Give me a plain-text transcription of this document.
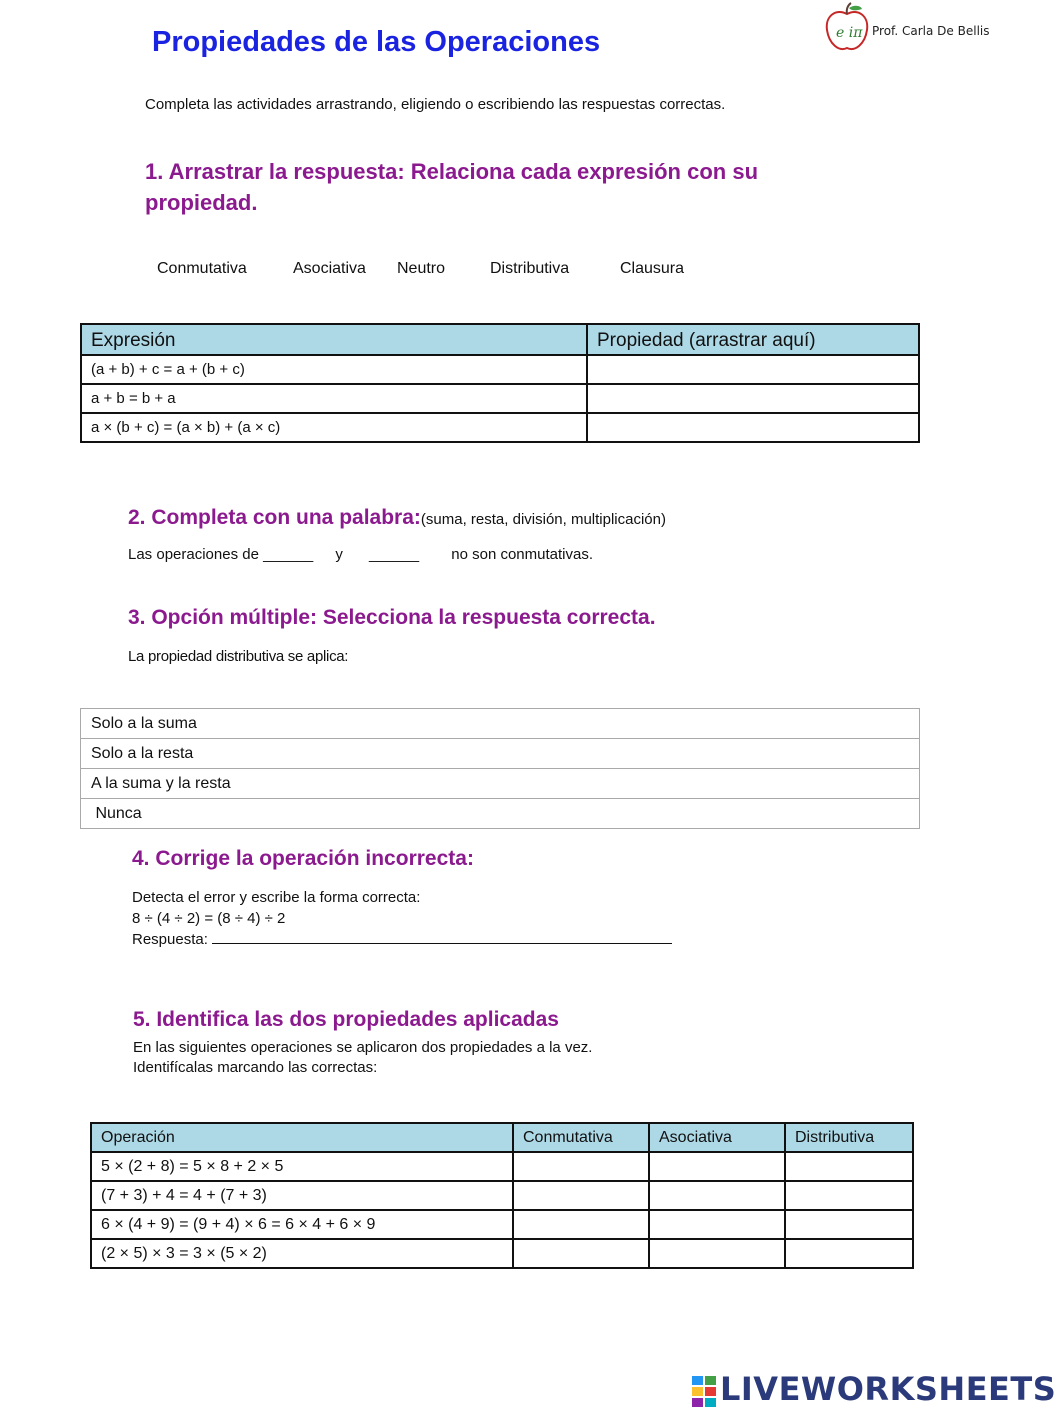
Propiedades de las Operaciones	e iπ Prof. Carla De Bellis
Completa las actividades arrastrando, eligiendo o escribiendo las respuestas correctas.
1. Arrastrar la respuesta: Relaciona cada expresión con su propiedad.
Conmutativa	Asociativa Neutro	Distributiva	Clausura
Expresión	Propiedad (arrastrar aquí)
(a + b) + c = a + (b + c)	
a + b = b + a	
a × (b + c) = (a × b) + (a × c)	
2. Completa con una palabra:(suma, resta, división, multiplicación)
Las operaciones de ______ y ______ no son conmutativas.
3. Opción múltiple: Selecciona la respuesta correcta.
La propiedad distributiva se aplica:
Solo a la suma
Solo a la resta
A la suma y la resta
Nunca
4. Corrige la operación incorrecta:
Detecta el error y escribe la forma correcta:
8 ÷ (4 ÷ 2) = (8 ÷ 4) ÷ 2
Respuesta:
5. Identifica las dos propiedades aplicadas
En las siguientes operaciones se aplicaron dos propiedades a la vez.
Identifícalas marcando las correctas:
Operación	Conmutativa	Asociativa	Distributiva
5 × (2 + 8) = 5 × 8 + 2 × 5			
(7 + 3) + 4 = 4 + (7 + 3)			
6 × (4 + 9) = (9 + 4) × 6 = 6 × 4 + 6 × 9			
(2 × 5) × 3 = 3 × (5 × 2)			
LIVEWORKSHEETS
